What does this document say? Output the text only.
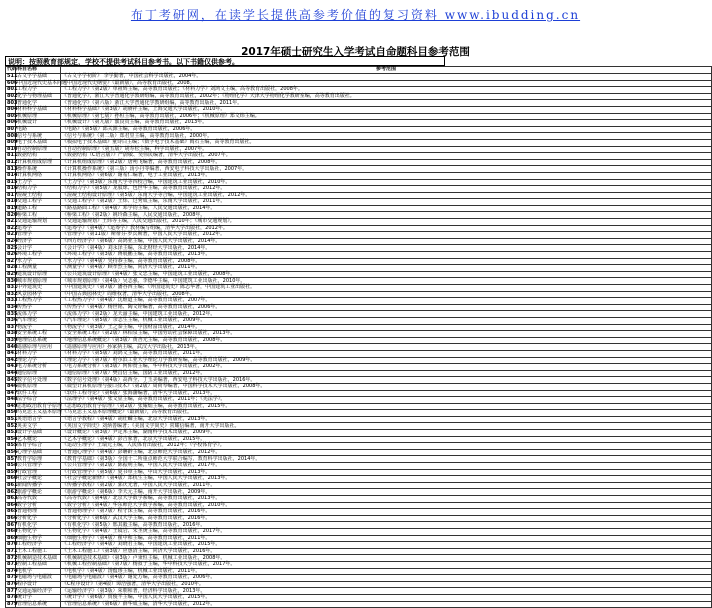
布丁考研网，在读学长提供高参考价值的复习资料 www.ibudding.cn
2017年硕士研究生入学考试自命题科目参考范围
说明：按照教育部规定，学校不提供考试科目参考书。以下书籍仅供参考。
代码	科目名称	参考范围
511	古文字学基础	《古文字学初阶》 李学勤著，中国社会科学出版社，2004年。
606	中国近现代史基本问题	《中国近现代史纲要》（最新版），高等教育出版社，2008。
801	工程力学	《工程力学》（第2版）单祖辉主编，高等教育出版社；《材料力学》刘鸿文主编，高等教育出版社，2008年。
802	化学与物理基础	《普通化学》，浙江大学普通化学教研组编，高等教育出版社，2002年；《物理化学》天津大学物理化学教研室编，高等教育出版社。
803	普通化学	《普通化学》（第六版）浙江大学普通化学教研组编，高等教育出版社，2011年。
804	材料科学基础	《材料科学基础》（第3版）胡赓祥主编，上海交通大学出版社，2010年。
805	机械原理	《机械原理》（第七版）孙桓主编，高等教育出版社，2006年；《机械原理》郑文纬主编。
806	机械设计	《机械设计》（第九版）濮良贵主编，高等教育出版社，2013年。
807	电路	《电路》（第5版）邱关源主编，高等教育出版社，2006年。
808	信号与系统	《信号与系统》（第二版）郑君里主编，高等教育出版社，2000年。
809	电子技术基础	《模拟电子技术基础》童诗白主编；《数字电子技术基础》阎石主编，高等教育出版社。
810	自动控制原理	《自动控制原理》（第五版）胡寿松主编，科学出版社，2007年。
811	数据结构	《数据结构（C语言版）》严蔚敏、吴伟民编著，清华大学出版社，2007年。
812	计算机组成原理	《计算机组成原理》（第2版）唐朔飞编著，高等教育出版社，2008年。
813	操作系统	《计算机操作系统》（第三版）汤小丹等编著，西安电子科技大学出版社，2007年。
814	计算机网络	《计算机网络》（第6版）谢希仁编著，电子工业出版社，2013年。
815	土力学	《土力学》（第3版）东南大学等四校合编，中国建筑工业出版社，2010年。
816	结构力学	《结构力学》（第5版）龙驭球、包世华主编，高等教育出版社，2012年。
817	混凝土结构	《混凝土结构设计原理》（第5版）东南大学等合编，中国建筑工业出版社，2012年。
818	交通工程学	《交通工程学》（第2版）王炜、过秀成主编，东南大学出版社，2011年。
819	道路工程	《路基路面工程》（第4版）邓学钧主编，人民交通出版社，2014年。
820	桥梁工程	《桥梁工程》（第2版）姚玲森主编，人民交通出版社，2008年。
821	交通运输规划	《交通运输规划》王炜等主编，人民交通出版社，2010年；《城市交通规划》。
822	运筹学	《运筹学》（第4版）《运筹学》教材编写组编，清华大学出版社，2012年。
823	管理学	《管理学》（第11版）斯蒂芬·罗宾斯著，中国人民大学出版社，2012年。
824	经济学	《西方经济学》（第6版）高鸿业主编，中国人民大学出版社，2014年。
825	会计学	《会计学》（第4版）刘永泽主编，东北财经大学出版社，2014年。
826	环境工程学	《环境工程学》（第3版）蒋展鹏主编，高等教育出版社，2013年。
827	水力学	《水力学》（第4版）吴持恭主编，高等教育出版社，2008年。
828	工程测量	《测量学》（第4版）顾孝烈主编，同济大学出版社，2011年。
829	建筑设计原理	《公共建筑设计原理》（第4版）张文忠主编，中国建筑工业出版社，2008年。
830	城市规划原理	《城市规划原理》（第4版）吴志强、李德华主编，中国建筑工业出版社，2010年。
831	中外建筑史	《中国建筑史》（第7版）潘谷西主编；《外国建筑史》陈志华著，中国建筑工业出版社。
832	风景园林学	《中国古典园林史》周维权著，清华大学出版社，2008年。
833	工程热力学	《工程热力学》（第4版）沈维道主编，高等教育出版社，2007年。
834	传热学	《传热学》（第4版）杨世铭、陶文铨编著，高等教育出版社，2006年。
835	流体力学	《流体力学》（第2版）龙天渝主编，中国建筑工业出版社，2012年。
836	汽车理论	《汽车理论》（第5版）余志生主编，机械工业出版社，2009年。
837	物流学	《物流学》（第3版）王之泰主编，中国财富出版社，2014年。
838	安全系统工程	《安全系统工程》（第2版）林柏泉主编，中国劳动社会保障出版社，2013年。
839	地理信息系统	《地理信息系统概论》（第3版）黄杏元主编，高等教育出版社，2008年。
840	遥感原理与应用	《遥感原理与应用》孙家抦主编，武汉大学出版社，2013年。
841	材料力学	《材料力学》（第5版）刘鸿文主编，高等教育出版社，2011年。
842	理论力学	《理论力学》（第7版）哈尔滨工业大学理论力学教研室编，高等教育出版社，2009年。
843	电力系统分析	《电力系统分析》（第3版）何仰赞主编，华中科技大学出版社，2002年。
844	通信原理	《通信原理》（第7版）樊昌信主编，国防工业出版社，2012年。
845	数字信号处理	《数字信号处理》（第4版）高西全、丁玉美编著，西安电子科技大学出版社，2016年。
846	微机原理	《微型计算机原理与接口技术》（第2版）周荷琴编著，中国科学技术大学出版社，2008年。
847	软件工程	《软件工程导论》（第6版）张海藩编著，清华大学出版社，2013年。
848	法学综合	《法理学》（第4版）张文显主编，高等教育出版社，2011年；《宪法学》。
849	思想政治教育学原理	《思想政治教育学原理》（第2版）张耀灿主编，高等教育出版社，2015年。
850	马克思主义基本原理	《马克思主义基本原理概论》（最新版），高等教育出版社。
851	英语语言学	《语言学教程》（第4版）胡壮麟主编，北京大学出版社，2013年。
852	英美文学	《英国文学简史》刘炳善编著；《美国文学简史》常耀信编著，南开大学出版社。
853	设计学基础	《设计概论》（第3版）尹定邦主编，湖南科学技术出版社，2009年。
854	艺术概论	《艺术学概论》（第4版）彭吉象著，北京大学出版社，2015年。
855	体育学综合	《运动生理学》王瑞元主编，人民体育出版社，2012年；《学校体育学》。
856	心理学基础	《普通心理学》（第4版）彭聃龄主编，北京师范大学出版社，2012年。
857	教育学原理	《教育学基础》（第3版）全国十二所重点师范大学联合编写，教育科学出版社，2014年。
858	公共管理学	《公共管理学》（第2版）陈振明主编，中国人民大学出版社，2017年。
859	行政管理	《行政管理学》（第5版）夏书章主编，中山大学出版社，2013年。
860	社会学概论	《社会学概论新修》（第4版）郑杭生主编，中国人民大学出版社，2013年。
861	新闻传播学	《传播学教程》（第2版）郭庆光著，中国人民大学出版社，2011年。
862	旅游学概论	《旅游学概论》（第6版）李天元主编，南开大学出版社，2009年。
863	高等代数	《高等代数》（第4版）北京大学数学系编，高等教育出版社，2013年。
864	数学分析	《数学分析》（第4版）华东师范大学数学系编，高等教育出版社，2010年。
865	普通物理	《普通物理学》（第7版）程守洙主编，高等教育出版社，2016年。
866	分析化学	《分析化学》（第6版）武汉大学主编，高等教育出版社，2016年。
867	有机化学	《有机化学》（第5版）邢其毅主编，高等教育出版社，2016年。
868	生物化学	《生物化学》（第4版）王镜岩、朱圣庚主编，高等教育出版社，2017年。
869	细胞生物学	《细胞生物学》（第4版）翟中和主编，高等教育出版社，2011年。
870	工程经济学	《工程经济学》（第4版）刘晓君主编，中国建筑工业出版社，2015年。
871	土木工程施工	《土木工程施工》（第3版）应惠清主编，同济大学出版社，2016年。
872	机械制造技术基础	《机械制造技术基础》（第3版）卢秉恒主编，机械工业出版社，2008年。
873	控制工程基础	《机械工程控制基础》（第7版）杨叔子主编，华中科技大学出版社，2017年。
874	电机学	《电机学》（第4版）汤蕴璆主编，机械工业出版社，2011年。
875	电磁场与电磁波	《电磁场与电磁波》（第4版）谢处方编，高等教育出版社，2006年。
876	程序设计	《C程序设计》（第4版）谭浩强著，清华大学出版社，2010年。
877	交通运输经济学	《运输经济学》（第3版）荣朝和著，经济科学出版社，2013年。
878	统计学	《统计学》（第6版）贾俊平主编，中国人民大学出版社，2015年。
879	管理信息系统	《管理信息系统》（第6版）薛华成主编，清华大学出版社，2012年。
